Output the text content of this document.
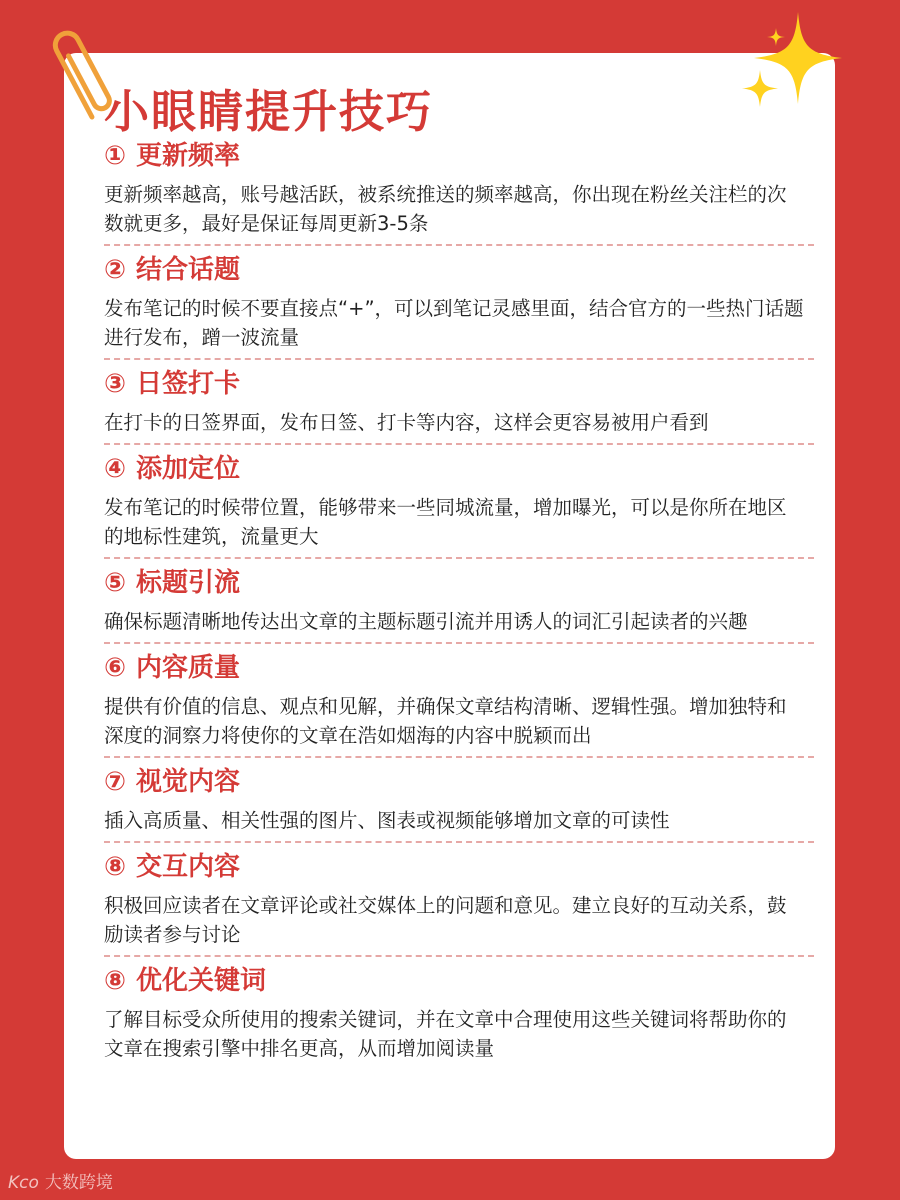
小眼睛提升技巧
① 更新频率
更新频率越高，账号越活跃，被系统推送的频率越高，你出现在粉丝关注栏的次数就更多，最好是保证每周更新3-5条
② 结合话题
发布笔记的时候不要直接点“+”，可以到笔记灵感里面，结合官方的一些热门话题进行发布，蹭一波流量
③ 日签打卡
在打卡的日签界面，发布日签、打卡等内容，这样会更容易被用户看到
④ 添加定位
发布笔记的时候带位置，能够带来一些同城流量，增加曝光，可以是你所在地区的地标性建筑，流量更大
⑤ 标题引流
确保标题清晰地传达出文章的主题标题引流并用诱人的词汇引起读者的兴趣
⑥ 内容质量
提供有价值的信息、观点和见解，并确保文章结构清晰、逻辑性强。增加独特和深度的洞察力将使你的文章在浩如烟海的内容中脱颖而出
⑦ 视觉内容
插入高质量、相关性强的图片、图表或视频能够增加文章的可读性
⑧ 交互内容
积极回应读者在文章评论或社交媒体上的问题和意见。建立良好的互动关系，鼓励读者参与讨论
⑧ 优化关键词
了解目标受众所使用的搜索关键词，并在文章中合理使用这些关键词将帮助你的文章在搜索引擎中排名更高，从而增加阅读量
Kco 大数跨境
